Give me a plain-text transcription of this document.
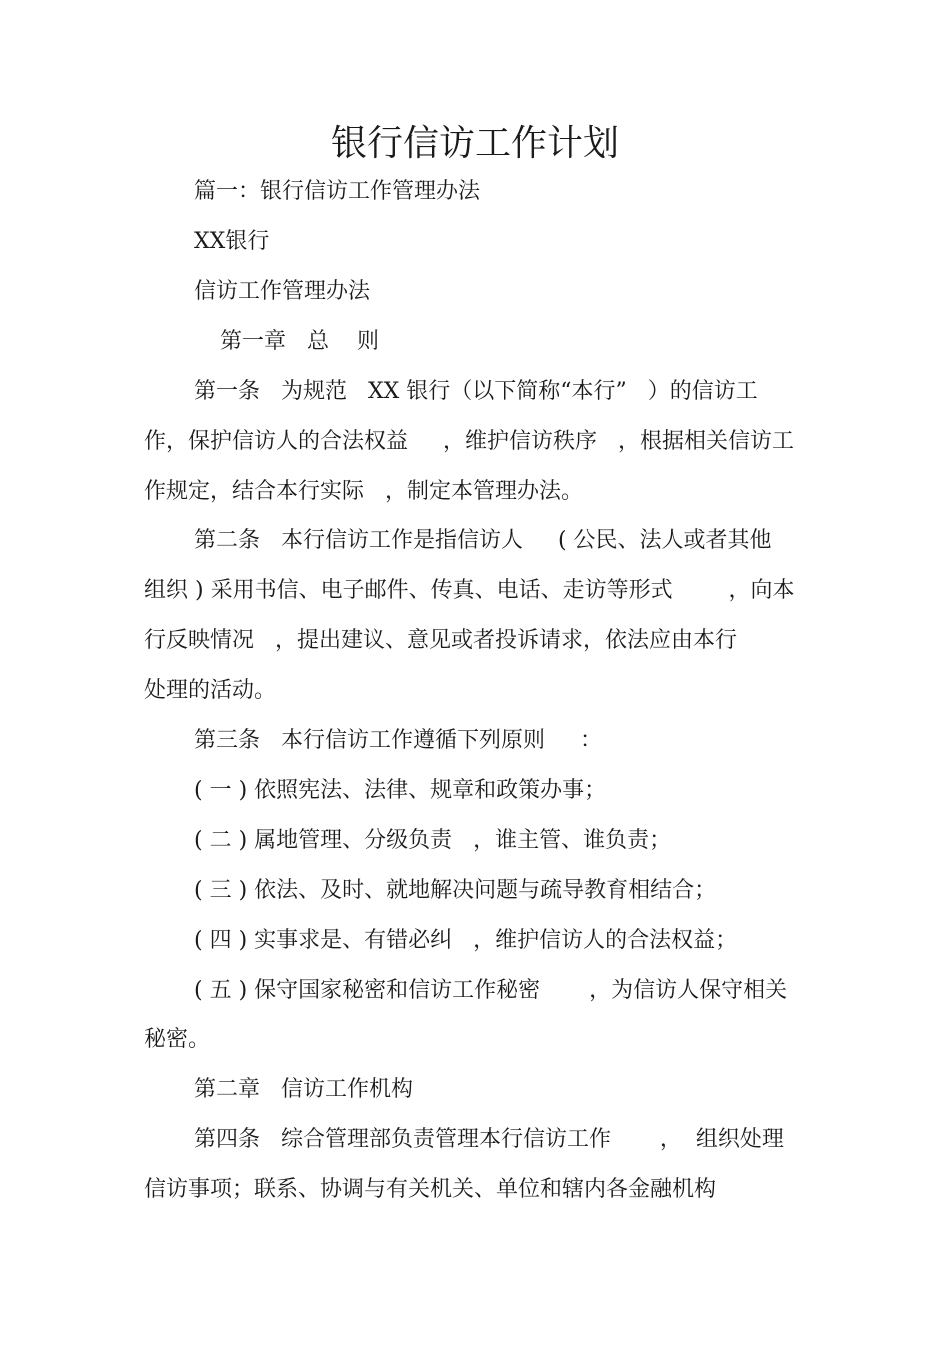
银行信访工作计划
篇一：银行信访工作管理办法
XX银行
信访工作管理办法
第一章   总    则
第一条   为规范   XX 银行（以下简称“本行”   ）的信访工
作，保护信访人的合法权益     ，维护信访秩序   ，根据相关信访工
作规定，结合本行实际   ，制定本管理办法。
第二条   本行信访工作是指信访人     ( 公民、法人或者其他
组织 ) 采用书信、电子邮件、传真、电话、走访等形式        ，向本
行反映情况   ，提出建议、意见或者投诉请求，依法应由本行
处理的活动。
第三条   本行信访工作遵循下列原则     ：
( 一 ) 依照宪法、法律、规章和政策办事；
( 二 ) 属地管理、分级负责   ，谁主管、谁负责；
( 三 ) 依法、及时、就地解决问题与疏导教育相结合；
( 四 ) 实事求是、有错必纠   ，维护信访人的合法权益；
( 五 ) 保守国家秘密和信访工作秘密       ，为信访人保守相关
秘密。
第二章   信访工作机构
第四条   综合管理部负责管理本行信访工作       ，  组织处理
信访事项；联系、协调与有关机关、单位和辖内各金融机构
